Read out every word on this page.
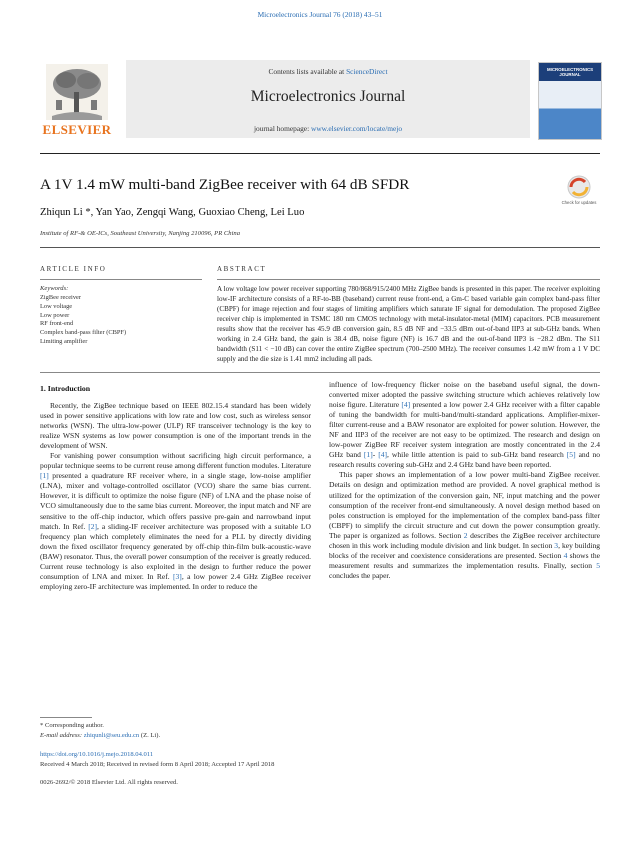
Microelectronics Journal 76 (2018) 43–51
ELSEVIER
Contents lists available at ScienceDirect
Microelectronics Journal
journal homepage: www.elsevier.com/locate/mejo
MICROELECTRONICS JOURNAL
A 1V 1.4 mW multi-band ZigBee receiver with 64 dB SFDR
Check for updates
Zhiqun Li *, Yan Yao, Zengqi Wang, Guoxiao Cheng, Lei Luo
Institute of RF-& OE-ICs, Southeast University, Nanjing 210096, PR China
ARTICLE INFO	ABSTRACT
Keywords:
ZigBee receiver
Low voltage
Low power
RF front-end
Complex band-pass filter (CBPF)
Limiting amplifier
A low voltage low power receiver supporting 780/868/915/2400 MHz ZigBee bands is presented in this paper. The receiver exploiting low-IF architecture consists of a RF-to-BB (baseband) current reuse front-end, a Gm-C based variable gain complex band-pass filter (CBPF) for image rejection and four stages of limiting amplifiers which saturate IF signal for demodulation. The proposed ZigBee receiver chip is implemented in TSMC 180 nm CMOS technology with metal-insulator-metal (MIM) capacitors. PCB measurement results show that the receiver has 45.9 dB conversion gain, 8.5 dB NF and −33.5 dBm out-of-band IIP3 at sub-GHz bands. When working in 2.4 GHz band, the gain is 38.4 dB, noise figure (NF) is 16.7 dB and the out-of-band IIP3 is −28.2 dBm. The S11 bandwidth (S11 < −10 dB) can cover the entire ZigBee spectrum (700–2500 MHz). The receiver consumes 1.42 mW from a 1 V DC supply and the die size is 1.41 mm2 including all pads.
1. Introduction

Recently, the ZigBee technique based on IEEE 802.15.4 standard has been widely used in power sensitive applications with low rate and low cost, such as wireless sensor networks (WSN). The ultra-low-power (ULP) RF transceiver technology is the key to realize WSN systems as low power consumption is one of the important trends in the development of WSN.

For vanishing power consumption without sacrificing high circuit performance, a popular technique seems to be current reuse among different function modules. Literature [1] presented a quadrature RF receiver where, in a single stage, low-noise amplifier (LNA), mixer and voltage-controlled oscillator (VCO) share the same bias current. However, it is difficult to optimize the noise figure (NF) of LNA and the phase noise of VCO simultaneously due to the same bias current. Moreover, the input match and NF are sensitive to the off-chip inductor, which offers passive pre-gain and narrowband input match. In Ref. [2], a sliding-IF receiver architecture was proposed with a suitable LO frequency plan which completely eliminates the need for a PLL by directly dividing down the fixed oscillator frequency generated by off-chip thin-film bulk-acoustic-wave (BAW) resonator. Thus, the overall power consumption of the receiver is greatly reduced. Current reuse technology is also exploited in the design to further reduce the power consumption of LNA and mixer. In Ref. [3], a low power 2.4 GHz ZigBee receiver employing zero-IF architecture was implemented. In order to reduce the

influence of low-frequency flicker noise on the baseband useful signal, the down-converted mixer adopted the passive switching structure which achieves relatively low noise figure. Literature [4] presented a low power 2.4 GHz receiver with a filter capable of tuning the bandwidth for multi-band/multi-standard applications. Amplifier-mixer-filter current-reuse and a BAW resonator are exploited for power solution. However, the NF and IIP3 of the receiver are not easy to be optimized. The research and design on low-power ZigBee RF receiver system integration are mostly concentrated in the 2.4 GHz band [1]- [4], while little attention is paid to sub-GHz band research [5] and no research results covering sub-GHz and 2.4 GHz band have been reported.

This paper shows an implementation of a low power multi-band ZigBee receiver. Details on design and optimization method are provided. A novel graphical method is utilized for the optimization of the conversion gain, NF, input matching and the power consumption of the receiver front-end simultaneously. A novel design method based on poles construction is employed for the implementation of the complex band-pass filter (CBPF) to simplify the circuit structure and cut down the power consumption greatly. The paper is organized as follows. Section 2 describes the ZigBee receiver architecture chosen in this work including module division and link budget. In section 3, key building blocks of the receiver and coexistence considerations are presented. Section 4 shows the measurement results and summarizes the implementation results. Finally, section 5 concludes the paper.

* Corresponding author.
E-mail address: zhiqunli@seu.edu.cn (Z. Li).
https://doi.org/10.1016/j.mejo.2018.04.011
Received 4 March 2018; Received in revised form 8 April 2018; Accepted 17 April 2018
0026-2692/© 2018 Elsevier Ltd. All rights reserved.
